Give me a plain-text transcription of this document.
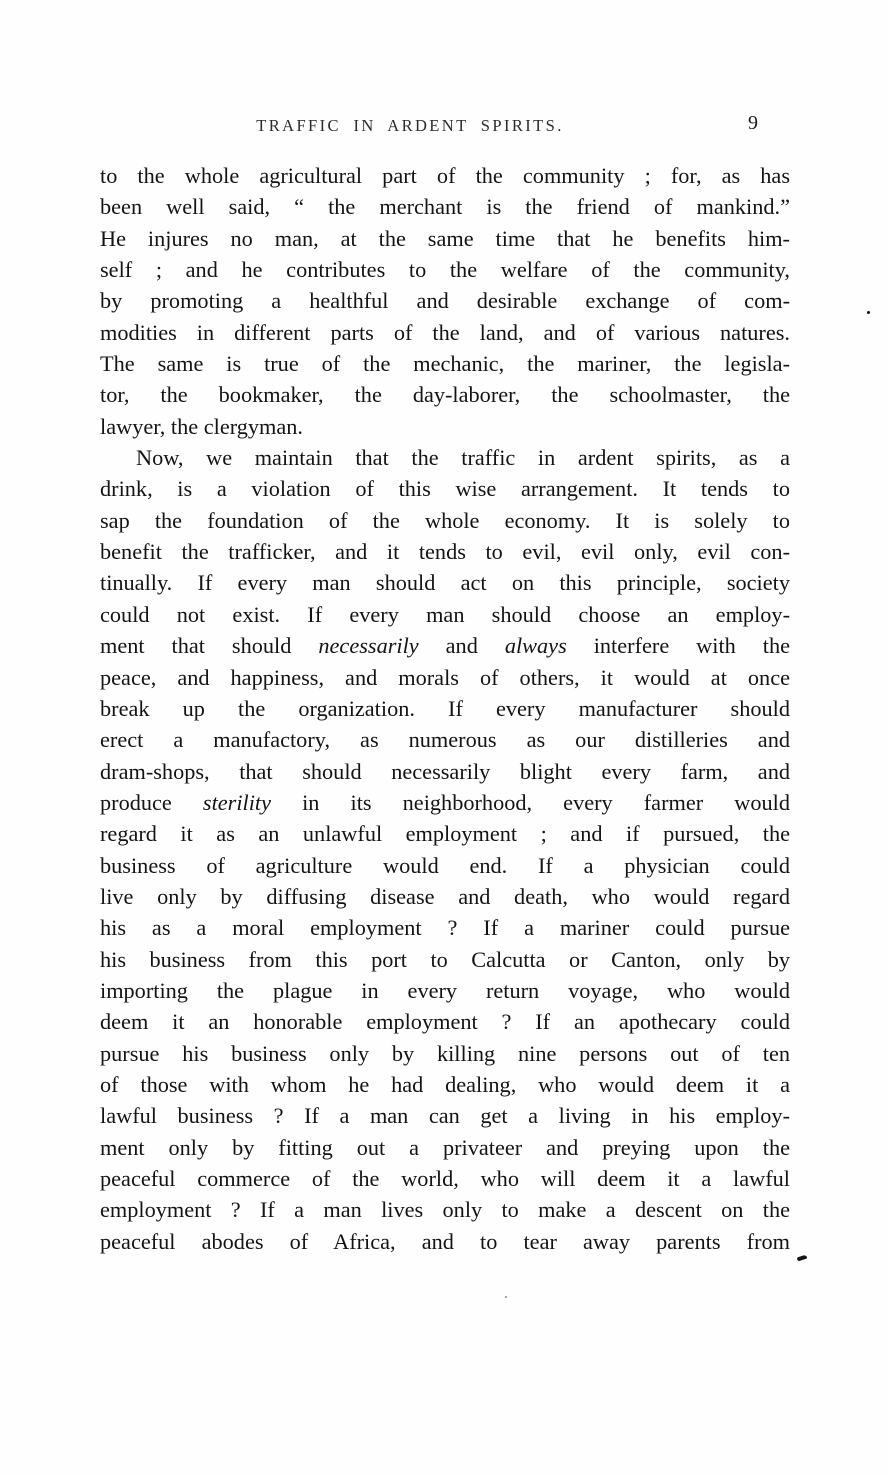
TRAFFIC IN ARDENT SPIRITS.	9
to the whole agricultural part of the community ; for, as has
been well said, “ the merchant is the friend of mankind.”
He injures no man, at the same time that he benefits him-
self ; and he contributes to the welfare of the community,
by promoting a healthful and desirable exchange of com-
modities in different parts of the land, and of various natures.
The same is true of the mechanic, the mariner, the legisla-
tor, the bookmaker, the day-laborer, the schoolmaster, the
lawyer, the clergyman.
Now, we maintain that the traffic in ardent spirits, as a
drink, is a violation of this wise arrangement. It tends to
sap the foundation of the whole economy. It is solely to
benefit the trafficker, and it tends to evil, evil only, evil con-
tinually. If every man should act on this principle, society
could not exist. If every man should choose an employ-
ment that should necessarily and always interfere with the
peace, and happiness, and morals of others, it would at once
break up the organization. If every manufacturer should
erect a manufactory, as numerous as our distilleries and
dram-shops, that should necessarily blight every farm, and
produce sterility in its neighborhood, every farmer would
regard it as an unlawful employment ; and if pursued, the
business of agriculture would end. If a physician could
live only by diffusing disease and death, who would regard
his as a moral employment ? If a mariner could pursue
his business from this port to Calcutta or Canton, only by
importing the plague in every return voyage, who would
deem it an honorable employment ? If an apothecary could
pursue his business only by killing nine persons out of ten
of those with whom he had dealing, who would deem it a
lawful business ? If a man can get a living in his employ-
ment only by fitting out a privateer and preying upon the
peaceful commerce of the world, who will deem it a lawful
employment ? If a man lives only to make a descent on the
peaceful abodes of Africa, and to tear away parents from
